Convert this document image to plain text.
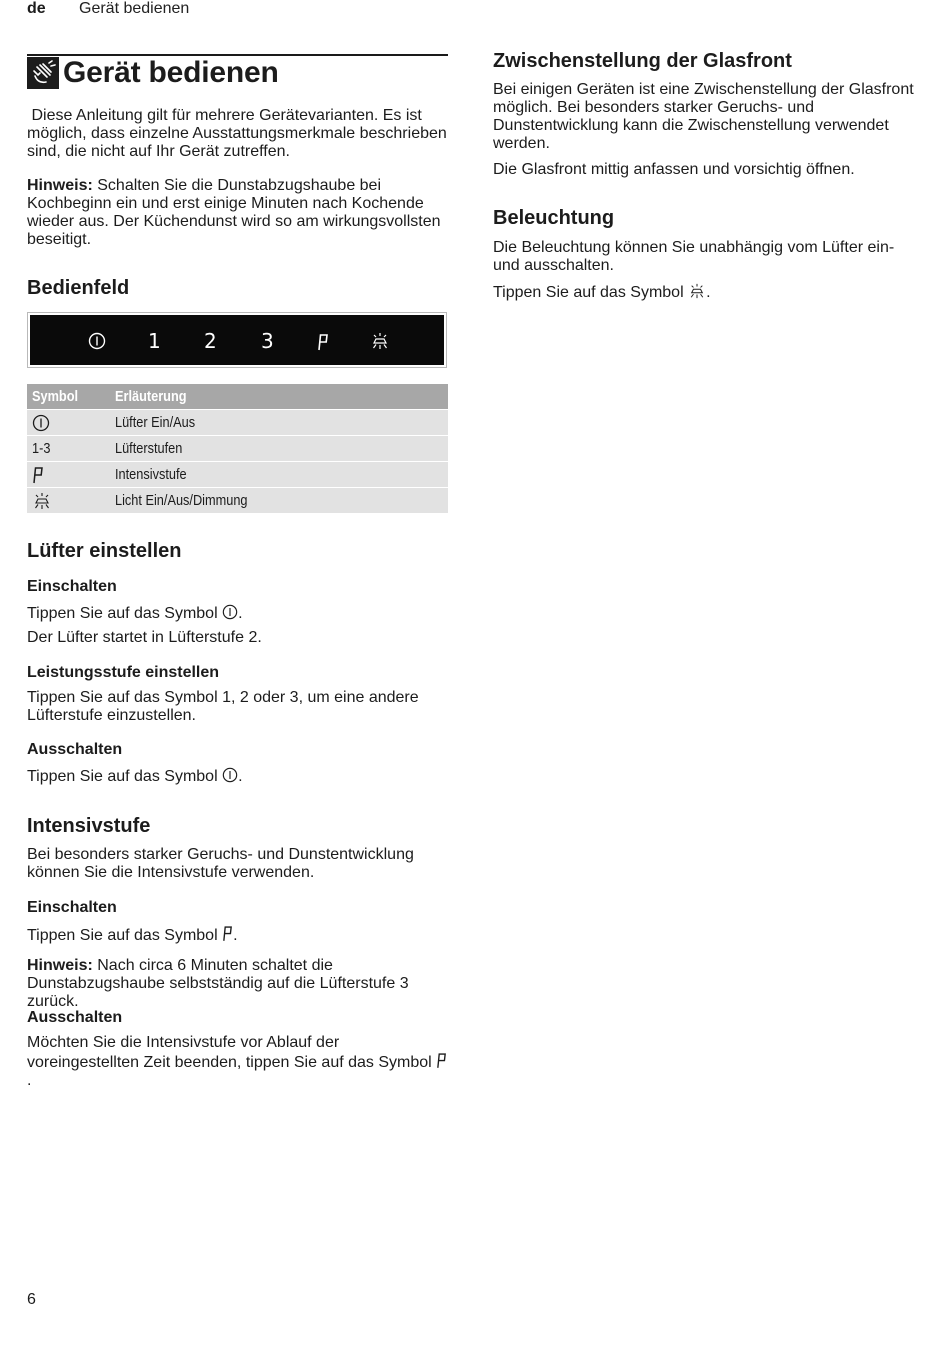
de Gerät bedienen
Gerät bedienen

Diese Anleitung gilt für mehrere Gerätevarianten. Es ist möglich, dass einzelne Ausstattungsmerkmale beschrieben sind, die nicht auf Ihr Gerät zutreffen.

Hinweis: Schalten Sie die Dunstabzugshaube bei Kochbeginn ein und erst einige Minuten nach Kochende wieder aus. Der Küchendunst wird so am wirkungsvollsten beseitigt.

Bedienfeld
1 2 3
Symbol	Erläuterung
Lüfter Ein/Aus
1-3	Lüfterstufen
Intensivstufe
Licht Ein/Aus/Dimmung
Lüfter einstellen
Einschalten

Tippen Sie auf das Symbol .

Der Lüfter startet in Lüfterstufe 2.

Leistungsstufe einstellen

Tippen Sie auf das Symbol 1, 2 oder 3, um eine andere Lüfterstufe einzustellen.

Ausschalten

Tippen Sie auf das Symbol .

Intensivstufe

Bei besonders starker Geruchs- und Dunstentwicklung können Sie die Intensivstufe verwenden.

Einschalten

Tippen Sie auf das Symbol .

Hinweis: Nach circa 6 Minuten schaltet die Dunstabzugshaube selbstständig auf die Lüfterstufe 3 zurück.

Ausschalten

Möchten Sie die Intensivstufe vor Ablauf der voreingestellten Zeit beenden, tippen Sie auf das Symbol .

Zwischenstellung der Glasfront

Bei einigen Geräten ist eine Zwischenstellung der Glasfront möglich. Bei besonders starker Geruchs- und Dunstentwicklung kann die Zwischenstellung verwendet werden.

Die Glasfront mittig anfassen und vorsichtig öffnen.

Beleuchtung

Die Beleuchtung können Sie unabhängig vom Lüfter ein- und ausschalten.

Tippen Sie auf das Symbol .

6
